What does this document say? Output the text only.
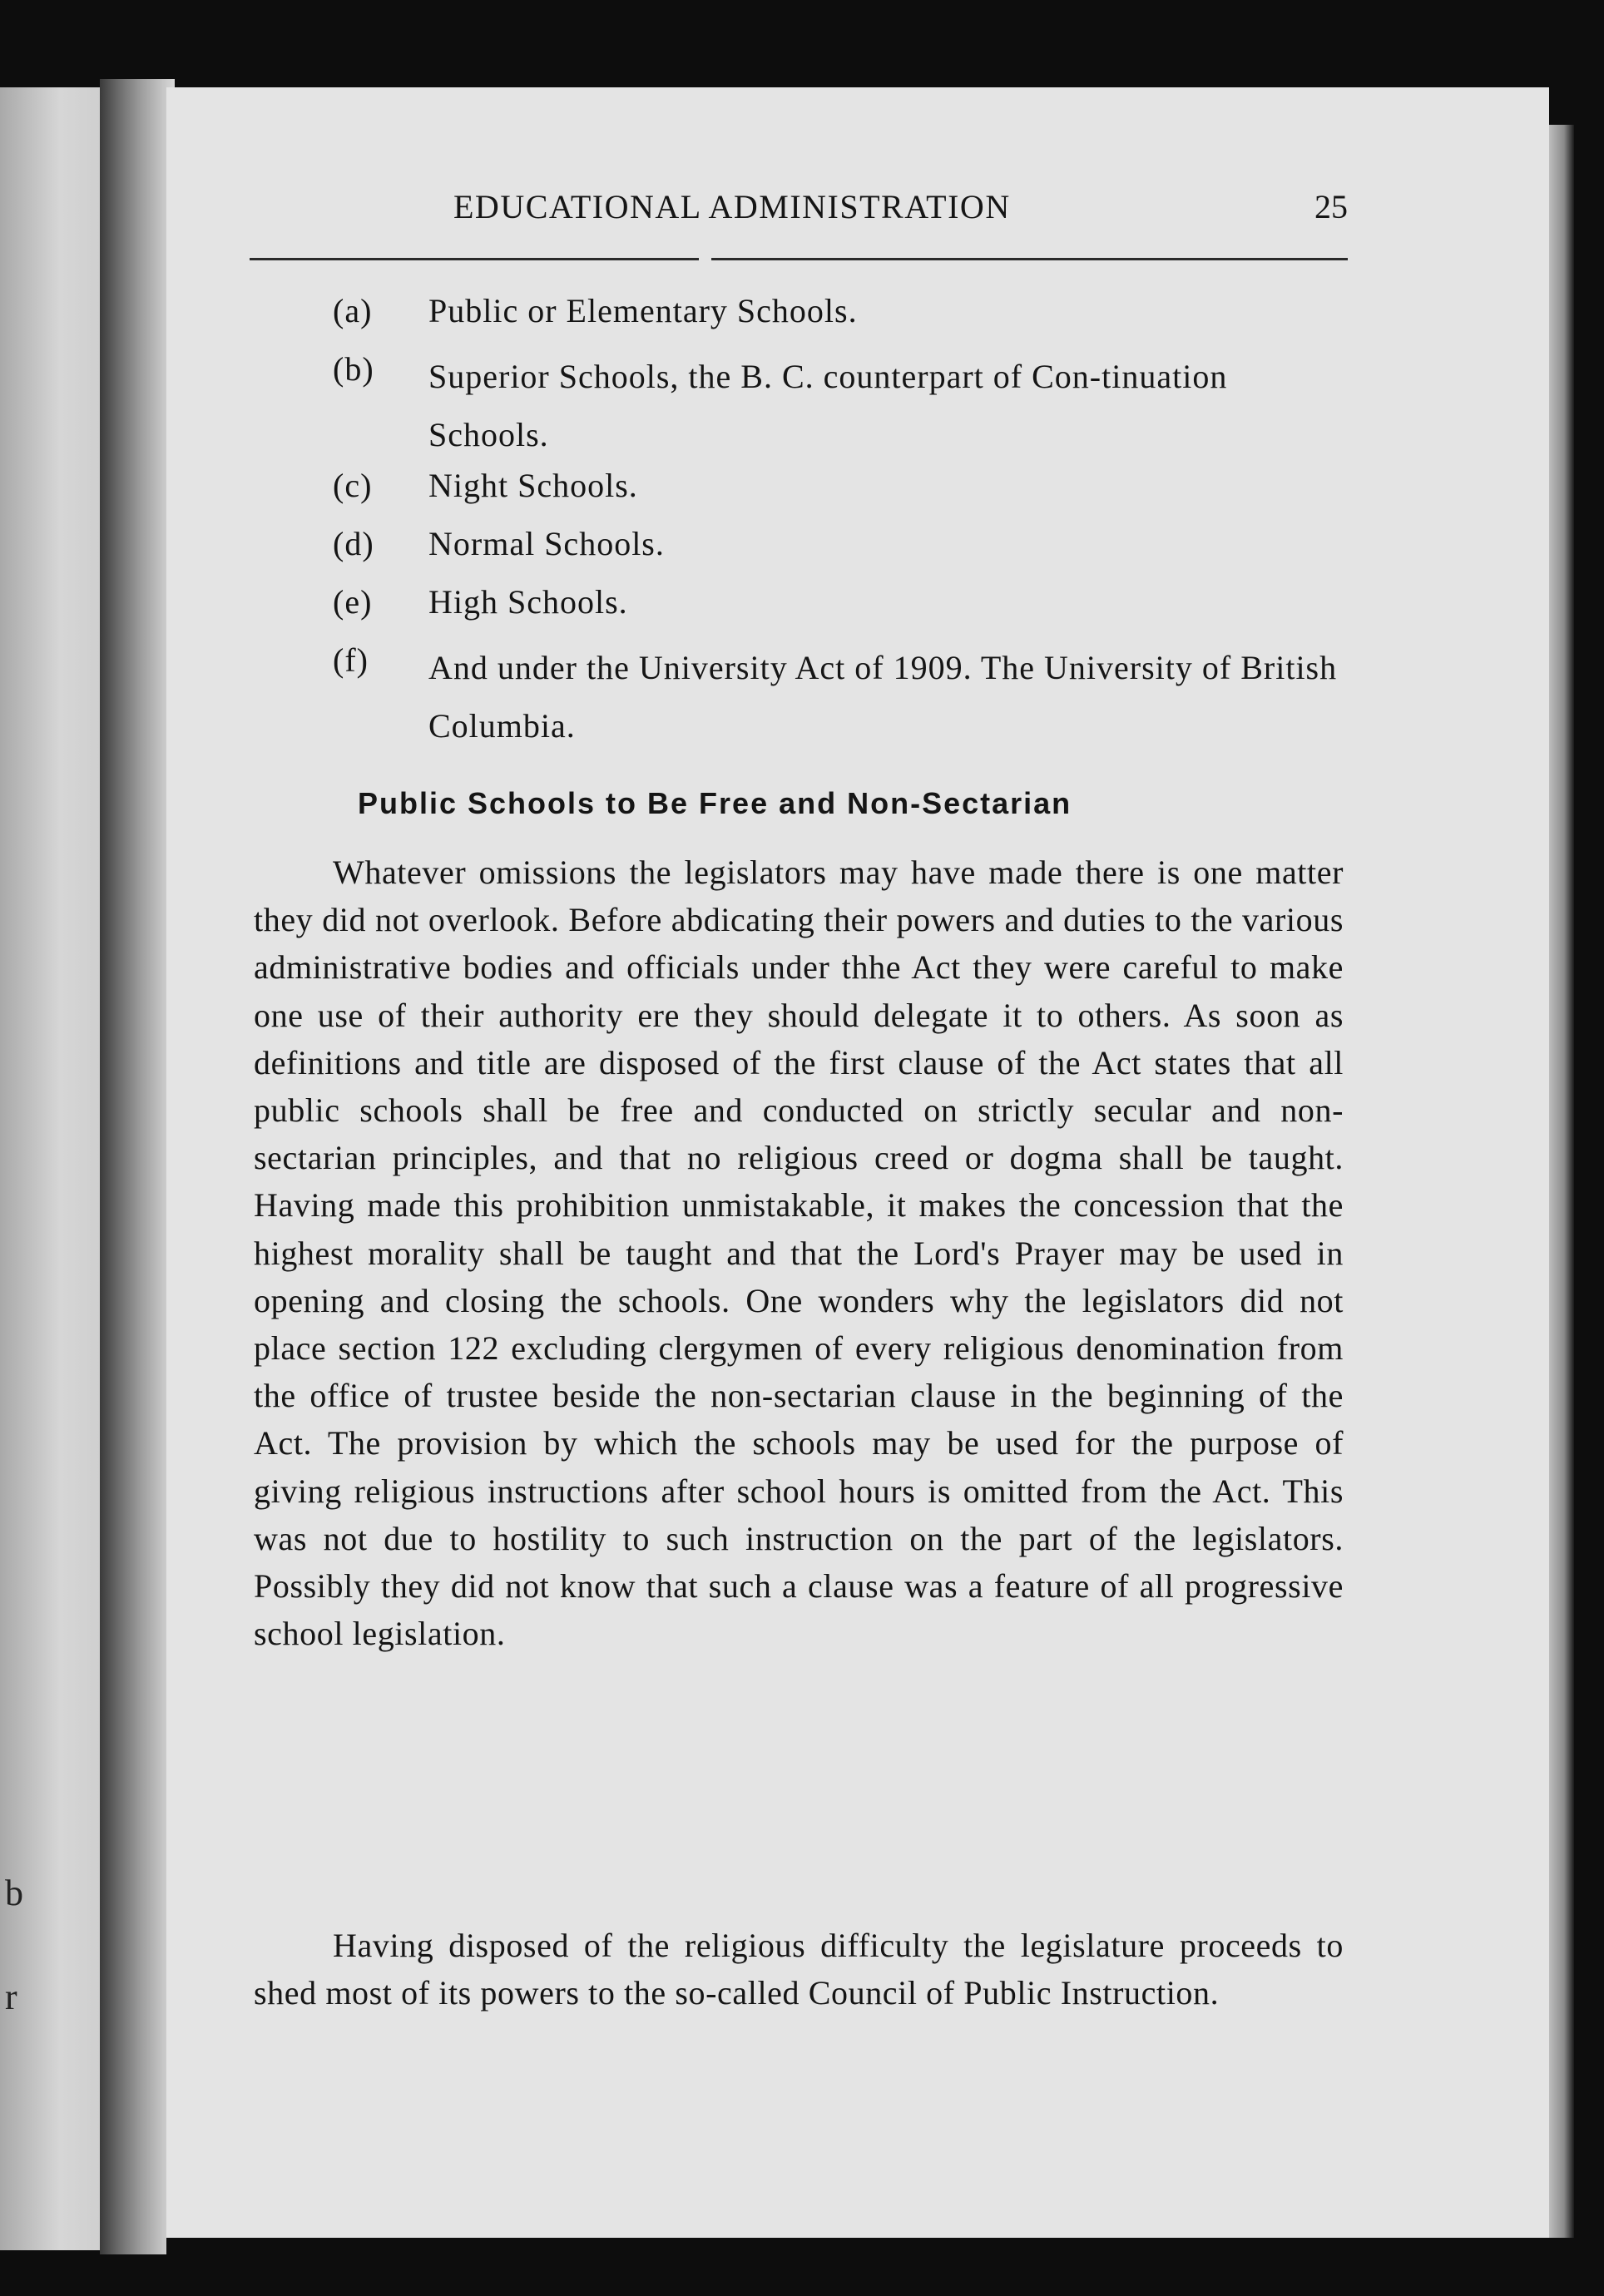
b
r
EDUCATIONAL ADMINISTRATION	25
(a)	Public or Elementary Schools.
(b)	Superior Schools, the B. C. counterpart of Con-tinuation Schools.
(c)	Night Schools.
(d)	Normal Schools.
(e)	High Schools.
(f)	And under the University Act of 1909. The University of British Columbia.
Public Schools to Be Free and Non-Sectarian
Whatever omissions the legislators may have made there is one matter they did not overlook. Before abdicating their powers and duties to the various administrative bodies and officials under thhe Act they were careful to make one use of their authority ere they should delegate it to others. As soon as definitions and title are disposed of the first clause of the Act states that all public schools shall be free and conducted on strictly secular and non-sectarian principles, and that no religious creed or dogma shall be taught. Having made this prohibition unmistakable, it makes the concession that the highest morality shall be taught and that the Lord's Prayer may be used in opening and closing the schools. One wonders why the legislators did not place section 122 excluding clergymen of every religious denomination from the office of trustee beside the non-sectarian clause in the beginning of the Act. The provision by which the schools may be used for the purpose of giving religious instructions after school hours is omitted from the Act. This was not due to hostility to such instruction on the part of the legislators. Possibly they did not know that such a clause was a feature of all progressive school legislation.
Having disposed of the religious difficulty the legislature proceeds to shed most of its powers to the so-called Council of Public Instruction.
